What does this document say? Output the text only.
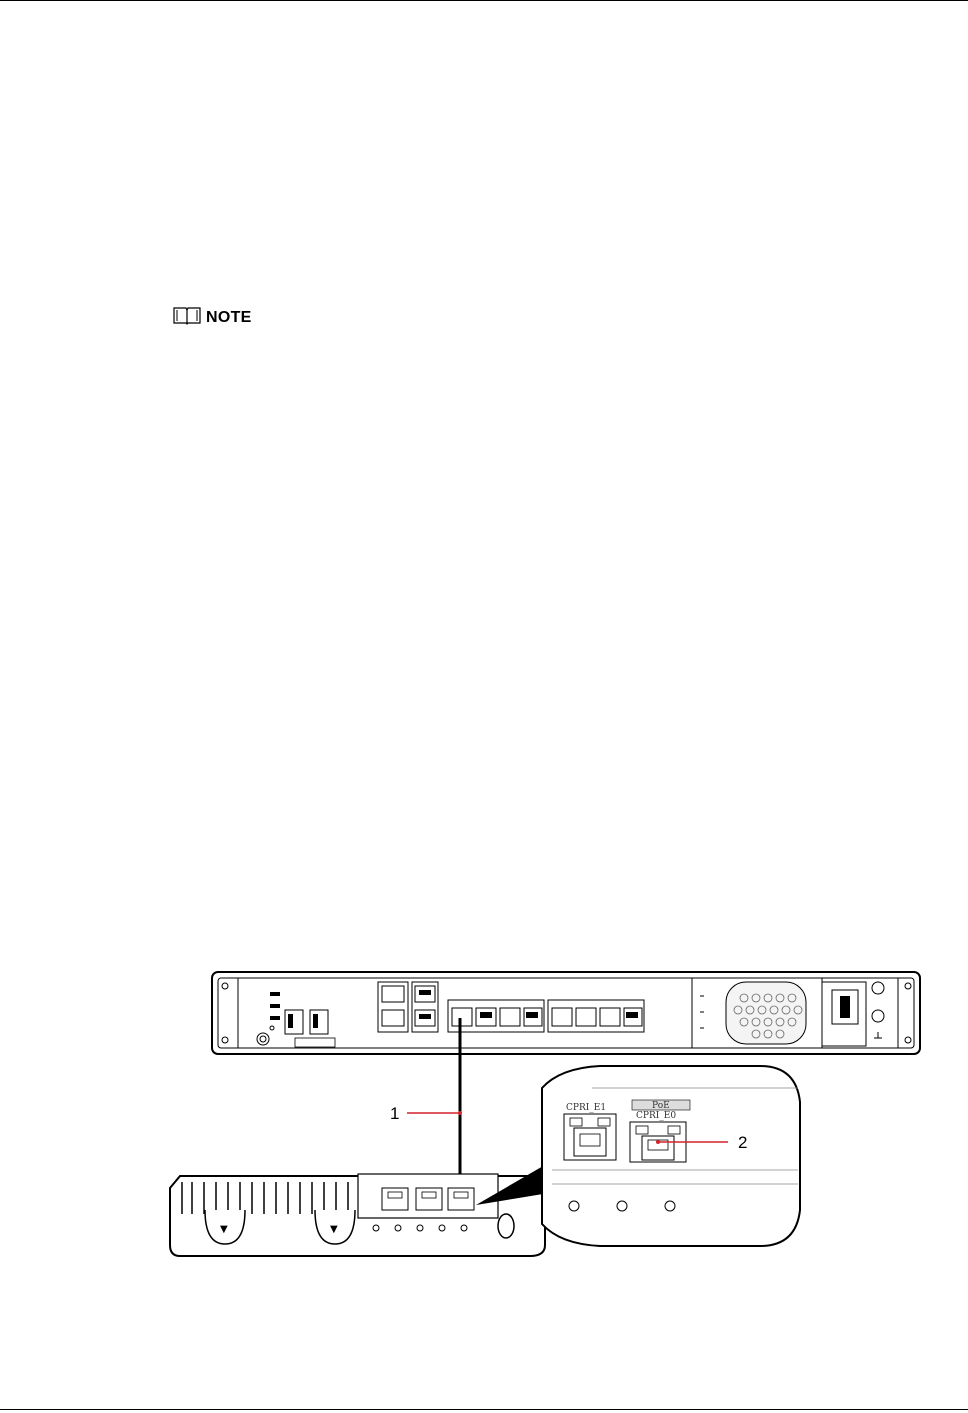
NOTE
1
▼	▼
CPRI_E1	PoE
CPRI_E0
2
